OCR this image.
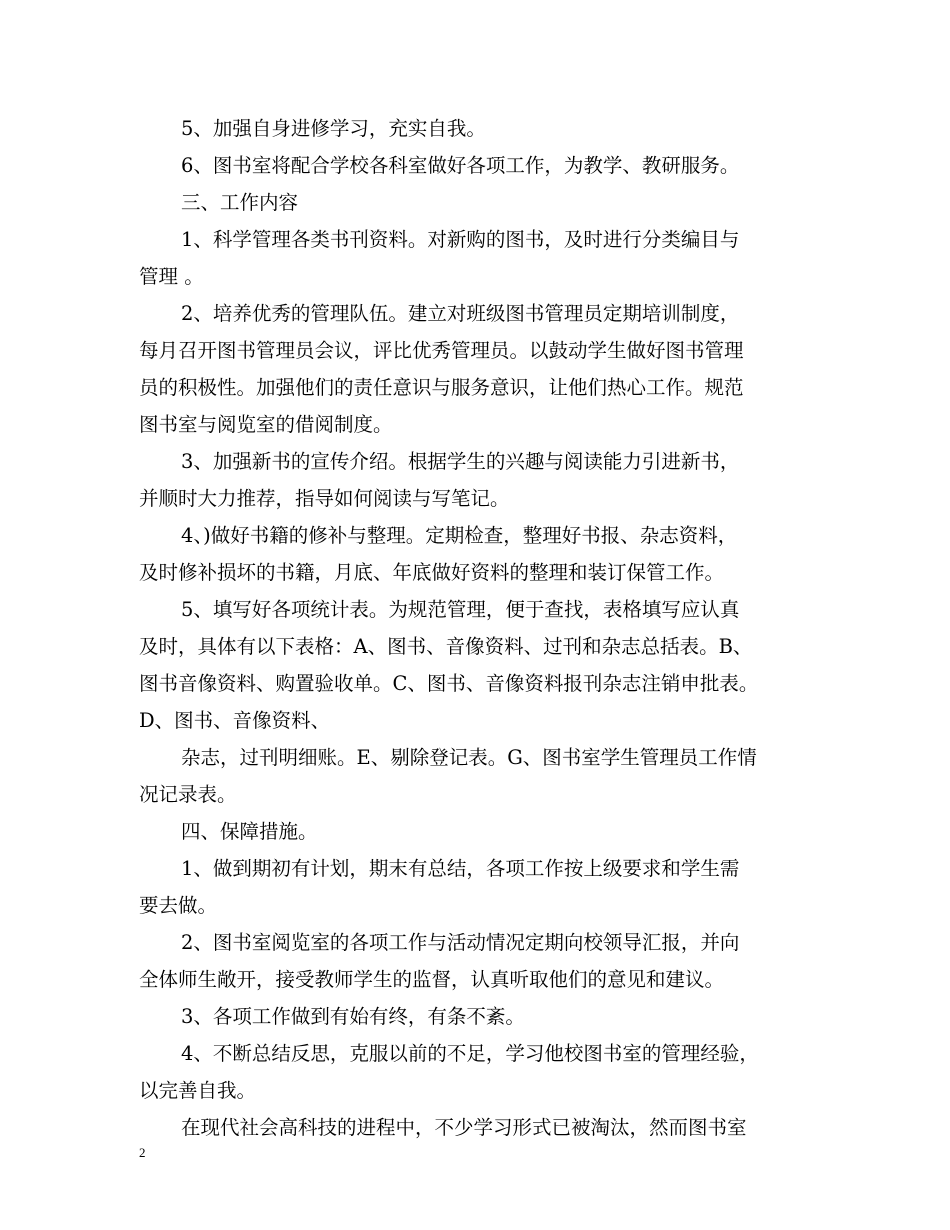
5、加强自身进修学习，充实自我。
6、图书室将配合学校各科室做好各项工作，为教学、教研服务。
三、工作内容
1、科学管理各类书刊资料。对新购的图书，及时进行分类编目与
管理 。
2、培养优秀的管理队伍。建立对班级图书管理员定期培训制度，
每月召开图书管理员会议，评比优秀管理员。以鼓动学生做好图书管理
员的积极性。加强他们的责任意识与服务意识，让他们热心工作。规范
图书室与阅览室的借阅制度。
3、加强新书的宣传介绍。根据学生的兴趣与阅读能力引进新书，
并顺时大力推荐，指导如何阅读与写笔记。
4、)做好书籍的修补与整理。定期检查，整理好书报、杂志资料，
及时修补损坏的书籍，月底、年底做好资料的整理和装订保管工作。
5、填写好各项统计表。为规范管理，便于查找，表格填写应认真
及时，具体有以下表格：A、图书、音像资料、过刊和杂志总括表。B、
图书音像资料、购置验收单。C、图书、音像资料报刊杂志注销申批表。
D、图书、音像资料、
杂志，过刊明细账。E、剔除登记表。G、图书室学生管理员工作情
况记录表。
四、保障措施。
1、做到期初有计划，期末有总结，各项工作按上级要求和学生需
要去做。
2、图书室阅览室的各项工作与活动情况定期向校领导汇报，并向
全体师生敞开，接受教师学生的监督，认真听取他们的意见和建议。
3、各项工作做到有始有终，有条不紊。
4、不断总结反思，克服以前的不足，学习他校图书室的管理经验，
以完善自我。
在现代社会高科技的进程中，不少学习形式已被淘汰，然而图书室
2
